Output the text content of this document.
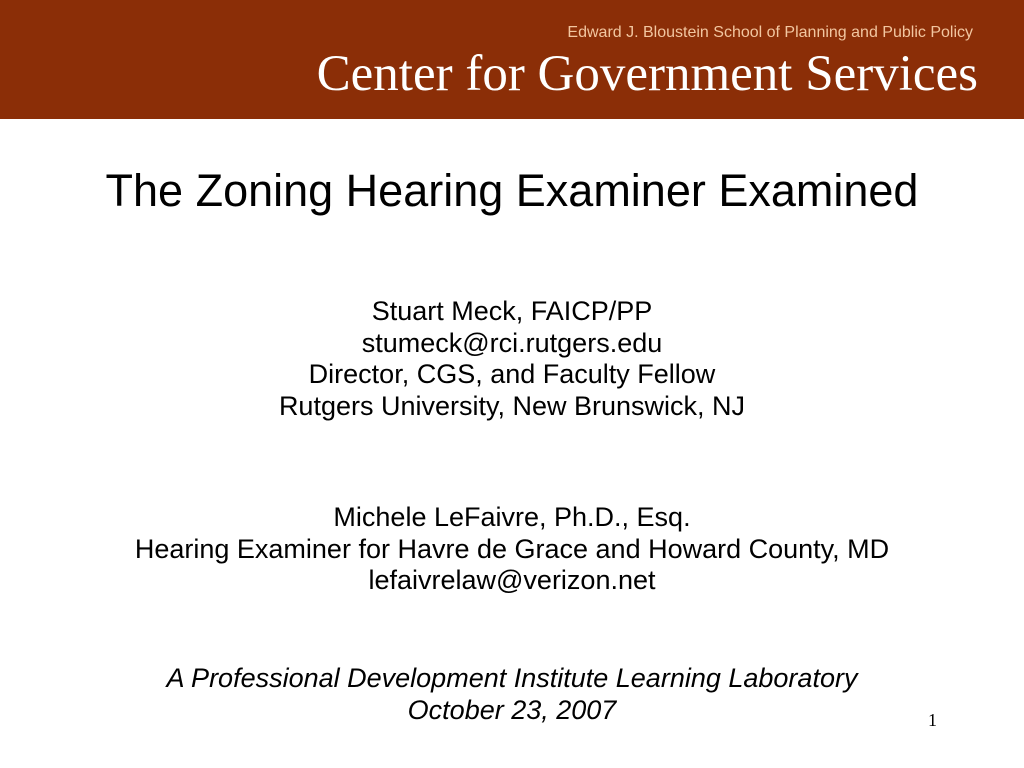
Edward J. Bloustein School of Planning and Public Policy
Center for Government Services
The Zoning Hearing Examiner Examined
Stuart Meck, FAICP/PP
stumeck@rci.rutgers.edu
Director, CGS, and Faculty Fellow
Rutgers University, New Brunswick, NJ
Michele LeFaivre, Ph.D., Esq.
Hearing Examiner for Havre de Grace and Howard County, MD
lefaivrelaw@verizon.net
A Professional Development Institute Learning Laboratory
October 23, 2007	1
